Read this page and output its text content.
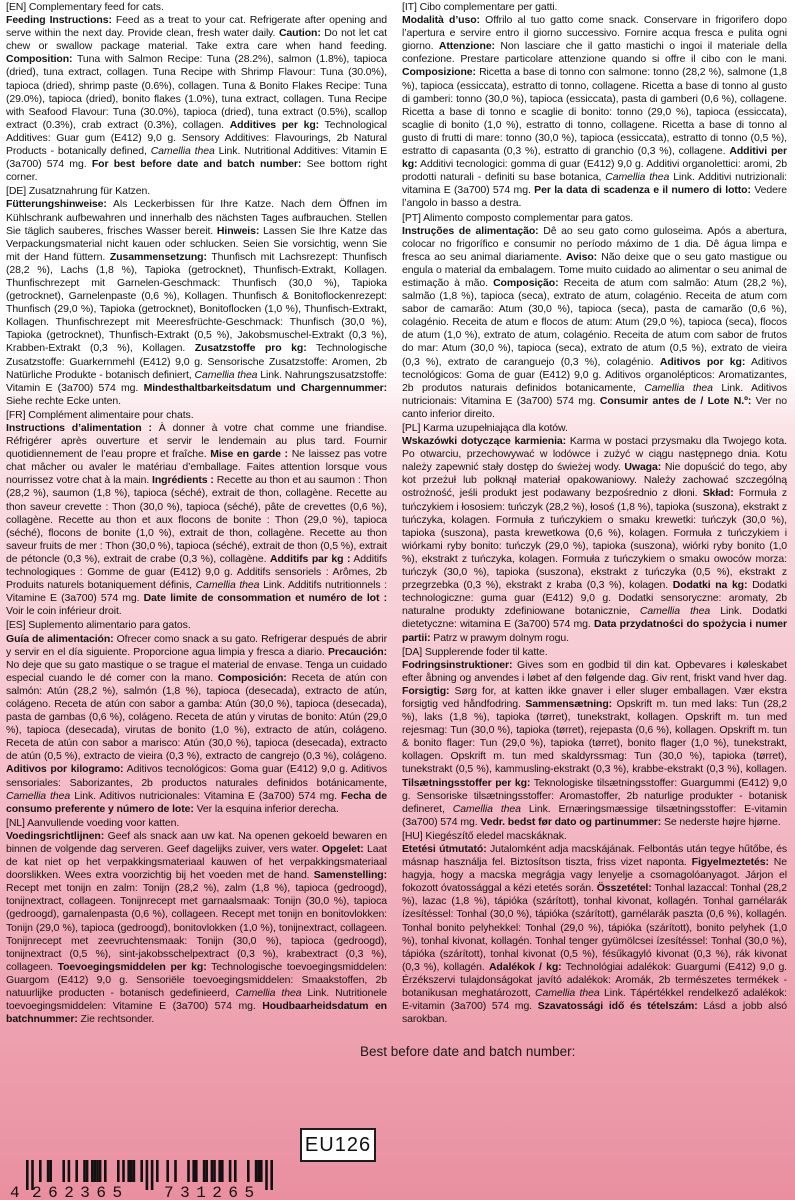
[EN] Complementary feed for cats.
Feeding Instructions: Feed as a treat to your cat. Refrigerate after opening and serve within the next day. Provide clean, fresh water daily. Caution: Do not let cat chew or swallow package material. Take extra care when hand feeding. Composition: Tuna with Salmon Recipe: Tuna (28.2%), salmon (1.8%), tapioca (dried), tuna extract, collagen. Tuna Recipe with Shrimp Flavour: Tuna (30.0%), tapioca (dried), shrimp paste (0.6%), collagen. Tuna & Bonito Flakes Recipe: Tuna (29.0%), tapioca (dried), bonito flakes (1.0%), tuna extract, collagen. Tuna Recipe with Seafood Flavour: Tuna (30.0%), tapioca (dried), tuna extract (0.5%), scallop extract (0.3%), crab extract (0.3%), collagen. Additives per kg: Technological Additives: Guar gum (E412) 9,0 g. Sensory Additives: Flavourings, 2b Natural Products - botanically defined, Camellia thea Link. Nutritional Additives: Vitamin E (3a700) 574 mg. For best before date and batch number: See bottom right corner.
[DE] Zusatznahrung für Katzen.
Fütterungshinweise: Als Leckerbissen für Ihre Katze. Nach dem Öffnen im Kühlschrank aufbewahren und innerhalb des nächsten Tages aufbrauchen. Stellen Sie täglich sauberes, frisches Wasser bereit. Hinweis: Lassen Sie Ihre Katze das Verpackungsmaterial nicht kauen oder schlucken. Seien Sie vorsichtig, wenn Sie mit der Hand füttern. Zusammensetzung: Thunfisch mit Lachsrezept: Thunfisch (28,2 %), Lachs (1,8 %), Tapioka (getrocknet), Thunfisch-Extrakt, Kollagen. Thunfischrezept mit Garnelen-Geschmack: Thunfisch (30,0 %), Tapioka (getrocknet), Garnelenpaste (0,6 %), Kollagen. Thunfisch & Bonitoflockenrezept: Thunfisch (29,0 %), Tapioka (getrocknet), Bonitoflocken (1,0 %), Thunfisch-Extrakt, Kollagen. Thunfischrezept mit Meeresfrüchte-Geschmack: Thunfisch (30,0 %), Tapioka (getrocknet), Thunfisch-Extrakt (0,5 %), Jakobsmuschel-Extrakt (0,3 %), Krabben-Extrakt (0,3 %), Kollagen. Zusatzstoffe pro kg: Technologische Zusatzstoffe: Guarkernmehl (E412) 9,0 g. Sensorische Zusatzstoffe: Aromen, 2b Natürliche Produkte - botanisch definiert, Camellia thea Link. Nahrungszusatzstoffe: Vitamin E (3a700) 574 mg. Mindesthaltbarkeitsdatum und Chargennummer: Siehe rechte Ecke unten.
[FR] Complément alimentaire pour chats.
Instructions d’alimentation : À donner à votre chat comme une friandise. Réfrigérer après ouverture et servir le lendemain au plus tard. Fournir quotidiennement de l’eau propre et fraîche. Mise en garde : Ne laissez pas votre chat mâcher ou avaler le matériau d’emballage. Faites attention lorsque vous nourrissez votre chat à la main. Ingrédients : Recette au thon et au saumon : Thon (28,2 %), saumon (1,8 %), tapioca (séché), extrait de thon, collagène. Recette au thon saveur crevette : Thon (30,0 %), tapioca (séché), pâte de crevettes (0,6 %), collagène. Recette au thon et aux flocons de bonite : Thon (29,0 %), tapioca (séché), flocons de bonite (1,0 %), extrait de thon, collagène. Recette au thon saveur fruits de mer : Thon (30,0 %), tapioca (séché), extrait de thon (0,5 %), extrait de pétoncle (0,3 %), extrait de crabe (0,3 %), collagène. Additifs par kg : Additifs technologiques : Gomme de guar (E412) 9,0 g. Additifs sensoriels : Arômes, 2b Produits naturels botaniquement définis, Camellia thea Link. Additifs nutritionnels : Vitamine E (3a700) 574 mg. Date limite de consommation et numéro de lot : Voir le coin inférieur droit.
[ES] Suplemento alimentario para gatos.
Guía de alimentación: Ofrecer como snack a su gato. Refrigerar después de abrir y servir en el día siguiente. Proporcione agua limpia y fresca a diario. Precaución: No deje que su gato mastique o se trague el material de envase. Tenga un cuidado especial cuando le dé comer con la mano. Composición: Receta de atún con salmón: Atún (28,2 %), salmón (1,8 %), tapioca (desecada), extracto de atún, colágeno. Receta de atún con sabor a gamba: Atún (30,0 %), tapioca (desecada), pasta de gambas (0,6 %), colágeno. Receta de atún y virutas de bonito: Atún (29,0 %), tapioca (desecada), virutas de bonito (1,0 %), extracto de atún, colágeno. Receta de atún con sabor a marisco: Atún (30,0 %), tapioca (desecada), extracto de atún (0,5 %), extracto de vieira (0,3 %), extracto de cangrejo (0,3 %), colágeno. Aditivos por kilogramo: Aditivos tecnológicos: Goma guar (E412) 9,0 g. Aditivos sensoriales: Saborizantes, 2b productos naturales definidos botánicamente, Camellia thea Link. Aditivos nutricionales: Vitamina E (3a700) 574 mg. Fecha de consumo preferente y número de lote: Ver la esquina inferior derecha.
[NL] Aanvullende voeding voor katten.
Voedingsrichtlijnen: Geef als snack aan uw kat. Na openen gekoeld bewaren en binnen de volgende dag serveren. Geef dagelijks zuiver, vers water. Opgelet: Laat de kat niet op het verpakkingsmateriaal kauwen of het verpakkingsmateriaal doorslikken. Wees extra voorzichtig bij het voeden met de hand. Samenstelling: Recept met tonijn en zalm: Tonijn (28,2 %), zalm (1,8 %), tapioca (gedroogd), tonijnextract, collageen. Tonijnrecept met garnaalsmaak: Tonijn (30,0 %), tapioca (gedroogd), garnalenpasta (0,6 %), collageen. Recept met tonijn en bonitovlokken: Tonijn (29,0 %), tapioca (gedroogd), bonitovlokken (1,0 %), tonijnextract, collageen. Tonijnrecept met zeevruchtensmaak: Tonijn (30,0 %), tapioca (gedroogd), tonijnextract (0,5 %), sint-jakobsschelpextract (0,3 %), krabextract (0,3 %), collageen. Toevoegingsmiddelen per kg: Technologische toevoegingsmiddelen: Guargom (E412) 9,0 g. Sensoriële toevoegingsmiddelen: Smaakstoffen, 2b natuurlijke producten - botanisch gedefinieerd, Camellia thea Link. Nutritionele toevoegingsmiddelen: Vitamine E (3a700) 574 mg. Houdbaarheidsdatum en batchnummer: Zie rechtsonder.
[IT] Cibo complementare per gatti.
Modalità d’uso: Offrilo al tuo gatto come snack. Conservare in frigorifero dopo l’apertura e servire entro il giorno successivo. Fornire acqua fresca e pulita ogni giorno. Attenzione: Non lasciare che il gatto mastichi o ingoi il materiale della confezione. Prestare particolare attenzione quando si offre il cibo con le mani. Composizione: Ricetta a base di tonno con salmone: tonno (28,2 %), salmone (1,8 %), tapioca (essiccata), estratto di tonno, collagene. Ricetta a base di tonno al gusto di gamberi: tonno (30,0 %), tapioca (essiccata), pasta di gamberi (0,6 %), collagene. Ricetta a base di tonno e scaglie di bonito: tonno (29,0 %), tapioca (essiccata), scaglie di bonito (1,0 %), estratto di tonno, collagene. Ricetta a base di tonno al gusto di frutti di mare: tonno (30,0 %), tapioca (essiccata), estratto di tonno (0,5 %), estratto di capasanta (0,3 %), estratto di granchio (0,3 %), collagene. Additivi per kg: Additivi tecnologici: gomma di guar (E412) 9,0 g. Additivi organolettici: aromi, 2b prodotti naturali - definiti su base botanica, Camellia thea Link. Additivi nutrizionali: vitamina E (3a700) 574 mg. Per la data di scadenza e il numero di lotto: Vedere l’angolo in basso a destra.
[PT] Alimento composto complementar para gatos.
Instruções de alimentação: Dê ao seu gato como guloseima. Após a abertura, colocar no frigorífico e consumir no período máximo de 1 dia. Dê água limpa e fresca ao seu animal diariamente. Aviso: Não deixe que o seu gato mastigue ou engula o material da embalagem. Tome muito cuidado ao alimentar o seu animal de estimação à mão. Composição: Receita de atum com salmão: Atum (28,2 %), salmão (1,8 %), tapioca (seca), extrato de atum, colagénio. Receita de atum com sabor de camarão: Atum (30,0 %), tapioca (seca), pasta de camarão (0,6 %), colagénio. Receita de atum e flocos de atum: Atum (29,0 %), tapioca (seca), flocos de atum (1,0 %), extrato de atum, colagénio. Receita de atum com sabor de frutos do mar: Atum (30,0 %), tapioca (seca), extrato de atum (0,5 %), extrato de vieira (0,3 %), extrato de caranguejo (0,3 %), colagénio. Aditivos por kg: Aditivos tecnológicos: Goma de guar (E412) 9,0 g. Aditivos organolépticos: Aromatizantes, 2b produtos naturais definidos botanicamente, Camellia thea Link. Aditivos nutricionais: Vitamina E (3a700) 574 mg. Consumir antes de / Lote N.º: Ver no canto inferior direito.
[PL] Karma uzupełniająca dla kotów.
Wskazówki dotyczące karmienia: Karma w postaci przysmaku dla Twojego kota. Po otwarciu, przechowywać w lodówce i zużyć w ciągu następnego dnia. Kotu należy zapewnić stały dostęp do świeżej wody. Uwaga: Nie dopuścić do tego, aby kot przeżuł lub połknął materiał opakowaniowy. Należy zachować szczególną ostrożność, jeśli produkt jest podawany bezpośrednio z dłoni. Skład: Formuła z tuńczykiem i łososiem: tuńczyk (28,2 %), łosoś (1,8 %), tapioka (suszona), ekstrakt z tuńczyka, kolagen. Formuła z tuńczykiem o smaku krewetki: tuńczyk (30,0 %), tapioka (suszona), pasta krewetkowa (0,6 %), kolagen. Formuła z tuńczykiem i wiórkami ryby bonito: tuńczyk (29,0 %), tapioka (suszona), wiórki ryby bonito (1,0 %), ekstrakt z tuńczyka, kolagen. Formuła z tuńczykiem o smaku owoców morza: tuńczyk (30,0 %), tapioka (suszona), ekstrakt z tuńczyka (0,5 %), ekstrakt z przegrzebka (0,3 %), ekstrakt z kraba (0,3 %), kolagen. Dodatki na kg: Dodatki technologiczne: guma guar (E412) 9,0 g. Dodatki sensoryczne: aromaty, 2b naturalne produkty zdefiniowane botanicznie, Camellia thea Link. Dodatki dietetyczne: witamina E (3a700) 574 mg. Data przydatności do spożycia i numer partii: Patrz w prawym dolnym rogu.
[DA] Supplerende foder til katte.
Fodringsinstruktioner: Gives som en godbid til din kat. Opbevares i køleskabet efter åbning og anvendes i løbet af den følgende dag. Giv rent, friskt vand hver dag. Forsigtig: Sørg for, at katten ikke gnaver i eller sluger emballagen. Vær ekstra forsigtig ved håndfodring. Sammensætning: Opskrift m. tun med laks: Tun (28,2 %), laks (1,8 %), tapioka (tørret), tunekstrakt, kollagen. Opskrift m. tun med rejesmag: Tun (30,0 %), tapioka (tørret), rejepasta (0,6 %), kollagen. Opskrift m. tun & bonito flager: Tun (29,0 %), tapioka (tørret), bonito flager (1,0 %), tunekstrakt, kollagen. Opskrift m. tun med skaldyrssmag: Tun (30,0 %), tapioka (tørret), tunekstrakt (0,5 %), kammusling-ekstrakt (0,3 %), krabbe-ekstrakt (0,3 %), kollagen. Tilsætningsstoffer per kg: Teknologiske tilsætningsstoffer: Guargummi (E412) 9,0 g. Sensoriske tilsætningsstoffer: Aromastoffer, 2b naturlige produkter - botanisk defineret, Camellia thea Link. Ernæringsmæssige tilsætningsstoffer: E-vitamin (3a700) 574 mg. Vedr. bedst før dato og partinummer: Se nederste højre hjørne.
[HU] Kiegészítő eledel macskáknak.
Etetési útmutató: Jutalomként adja macskájának. Felbontás után tegye hűtőbe, és másnap használja fel. Biztosítson tiszta, friss vizet naponta. Figyelmeztetés: Ne hagyja, hogy a macska megrágja vagy lenyelje a csomagolóanyagot. Járjon el fokozott óvatossággal a kézi etetés során. Összetétel: Tonhal lazaccal: Tonhal (28,2 %), lazac (1,8 %), tápióka (szárított), tonhal kivonat, kollagén. Tonhal garnélarák ízesítéssel: Tonhal (30,0 %), tápióka (szárított), garnélarák paszta (0,6 %), kollagén. Tonhal bonito pelyhekkel: Tonhal (29,0 %), tápióka (szárított), bonito pelyhek (1,0 %), tonhal kivonat, kollagén. Tonhal tenger gyümölcsei ízesítéssel: Tonhal (30,0 %), tápióka (szárított), tonhal kivonat (0,5 %), fésűkagyló kivonat (0,3 %), rák kivonat (0,3 %), kollagén. Adalékok / kg: Technológiai adalékok: Guargumi (E412) 9,0 g. Érzékszervi tulajdonságokat javító adalékok: Aromák, 2b természetes termékek - botanikusan meghatározott, Camellia thea Link. Tápértékkel rendelkező adalékok: E-vitamin (3a700) 574 mg. Szavatossági idő és tételszám: Lásd a jobb alsó sarokban.
Best before date and batch number:
EU126
4 262365 731265
